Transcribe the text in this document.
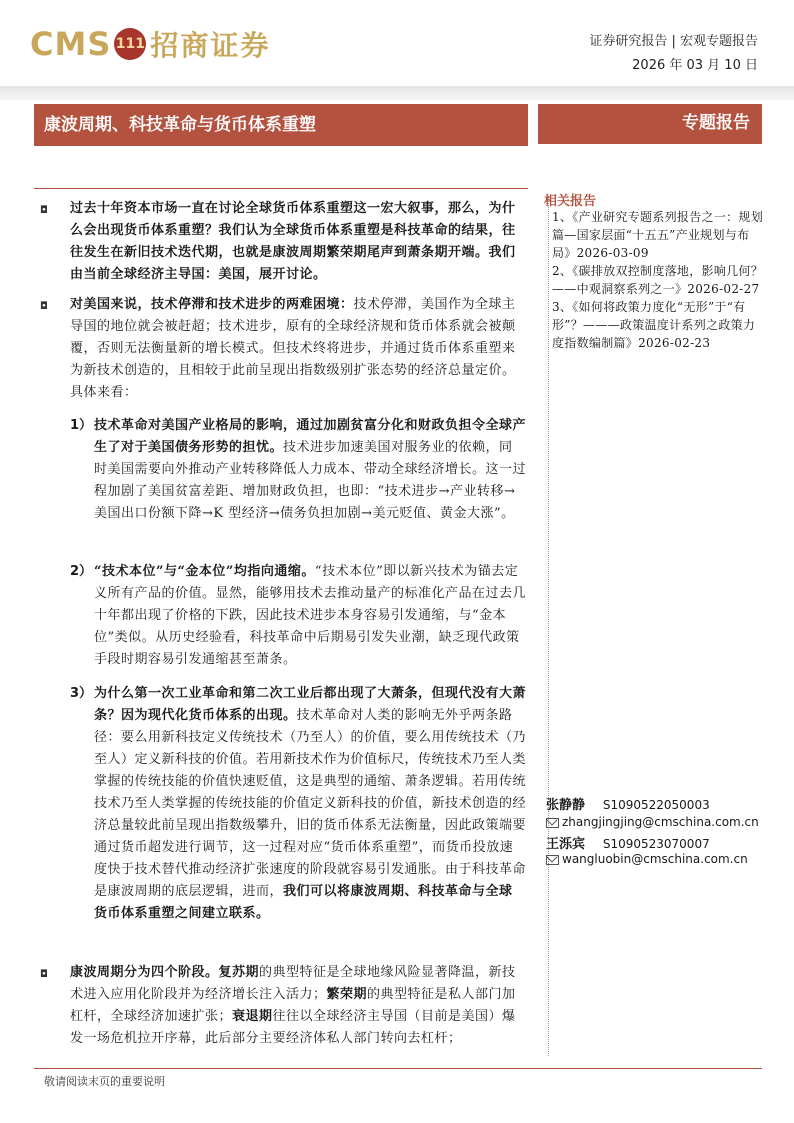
CMS 111 招商证券	证券研究报告 | 宏观专题报告
2026 年 03 月 10 日
康波周期、科技革命与货币体系重塑	专题报告
◘
◘
◘
过去十年资本市场一直在讨论全球货币体系重塑这一宏大叙事，那么，为什么会出现货币体系重塑？我们认为全球货币体系重塑是科技革命的结果，往往发生在新旧技术迭代期，也就是康波周期繁荣期尾声到萧条期开端。我们由当前全球经济主导国：美国，展开讨论。
对美国来说，技术停滞和技术进步的两难困境：技术停滞，美国作为全球主导国的地位就会被赶超；技术进步，原有的全球经济规和货币体系就会被颠覆，否则无法衡量新的增长模式。但技术终将进步，并通过货币体系重塑来为新技术创造的，且相较于此前呈现出指数级别扩张态势的经济总量定价。具体来看：
1） 技术革命对美国产业格局的影响，通过加剧贫富分化和财政负担令全球产生了对于美国债务形势的担忧。技术进步加速美国对服务业的依赖，同时美国需要向外推动产业转移降低人力成本、带动全球经济增长。这一过程加剧了美国贫富差距、增加财政负担，也即：“技术进步→产业转移→美国出口份额下降→K 型经济→债务负担加剧→美元贬值、黄金大涨”。
2） “技术本位”与“金本位”均指向通缩。“技术本位”即以新兴技术为锚去定义所有产品的价值。显然，能够用技术去推动量产的标准化产品在过去几十年都出现了价格的下跌，因此技术进步本身容易引发通缩，与“金本位”类似。从历史经验看，科技革命中后期易引发失业潮，缺乏现代政策手段时期容易引发通缩甚至萧条。
3） 为什么第一次工业革命和第二次工业后都出现了大萧条，但现代没有大萧条？因为现代化货币体系的出现。技术革命对人类的影响无外乎两条路径：要么用新科技定义传统技术（乃至人）的价值，要么用传统技术（乃至人）定义新科技的价值。若用新技术作为价值标尺，传统技术乃至人类掌握的传统技能的价值快速贬值，这是典型的通缩、萧条逻辑。若用传统技术乃至人类掌握的传统技能的价值定义新科技的价值，新技术创造的经济总量较此前呈现出指数级攀升，旧的货币体系无法衡量，因此政策端要通过货币超发进行调节，这一过程对应“货币体系重塑”，而货币投放速度快于技术替代推动经济扩张速度的阶段就容易引发通胀。由于科技革命是康波周期的底层逻辑，进而，我们可以将康波周期、科技革命与全球货币体系重塑之间建立联系。
康波周期分为四个阶段。复苏期的典型特征是全球地缘风险显著降温，新技术进入应用化阶段并为经济增长注入活力；繁荣期的典型特征是私人部门加杠杆，全球经济加速扩张；衰退期往往以全球经济主导国（目前是美国）爆发一场危机拉开序幕，此后部分主要经济体私人部门转向去杠杆；
相关报告
1、《产业研究专题系列报告之一：规划篇—国家层面“十五五”产业规划与布局》2026-03-09
2、《碳排放双控制度落地，影响几何？——中观洞察系列之一》2026-02-27
3、《如何将政策力度化“无形”于“有形”？———政策温度计系列之政策力度指数编制篇》2026-02-23
张静静 S1090522050003
zhangjingjing@cmschina.com.cn
王泺宾 S1090523070007
wangluobin@cmschina.com.cn
敬请阅读末页的重要说明
